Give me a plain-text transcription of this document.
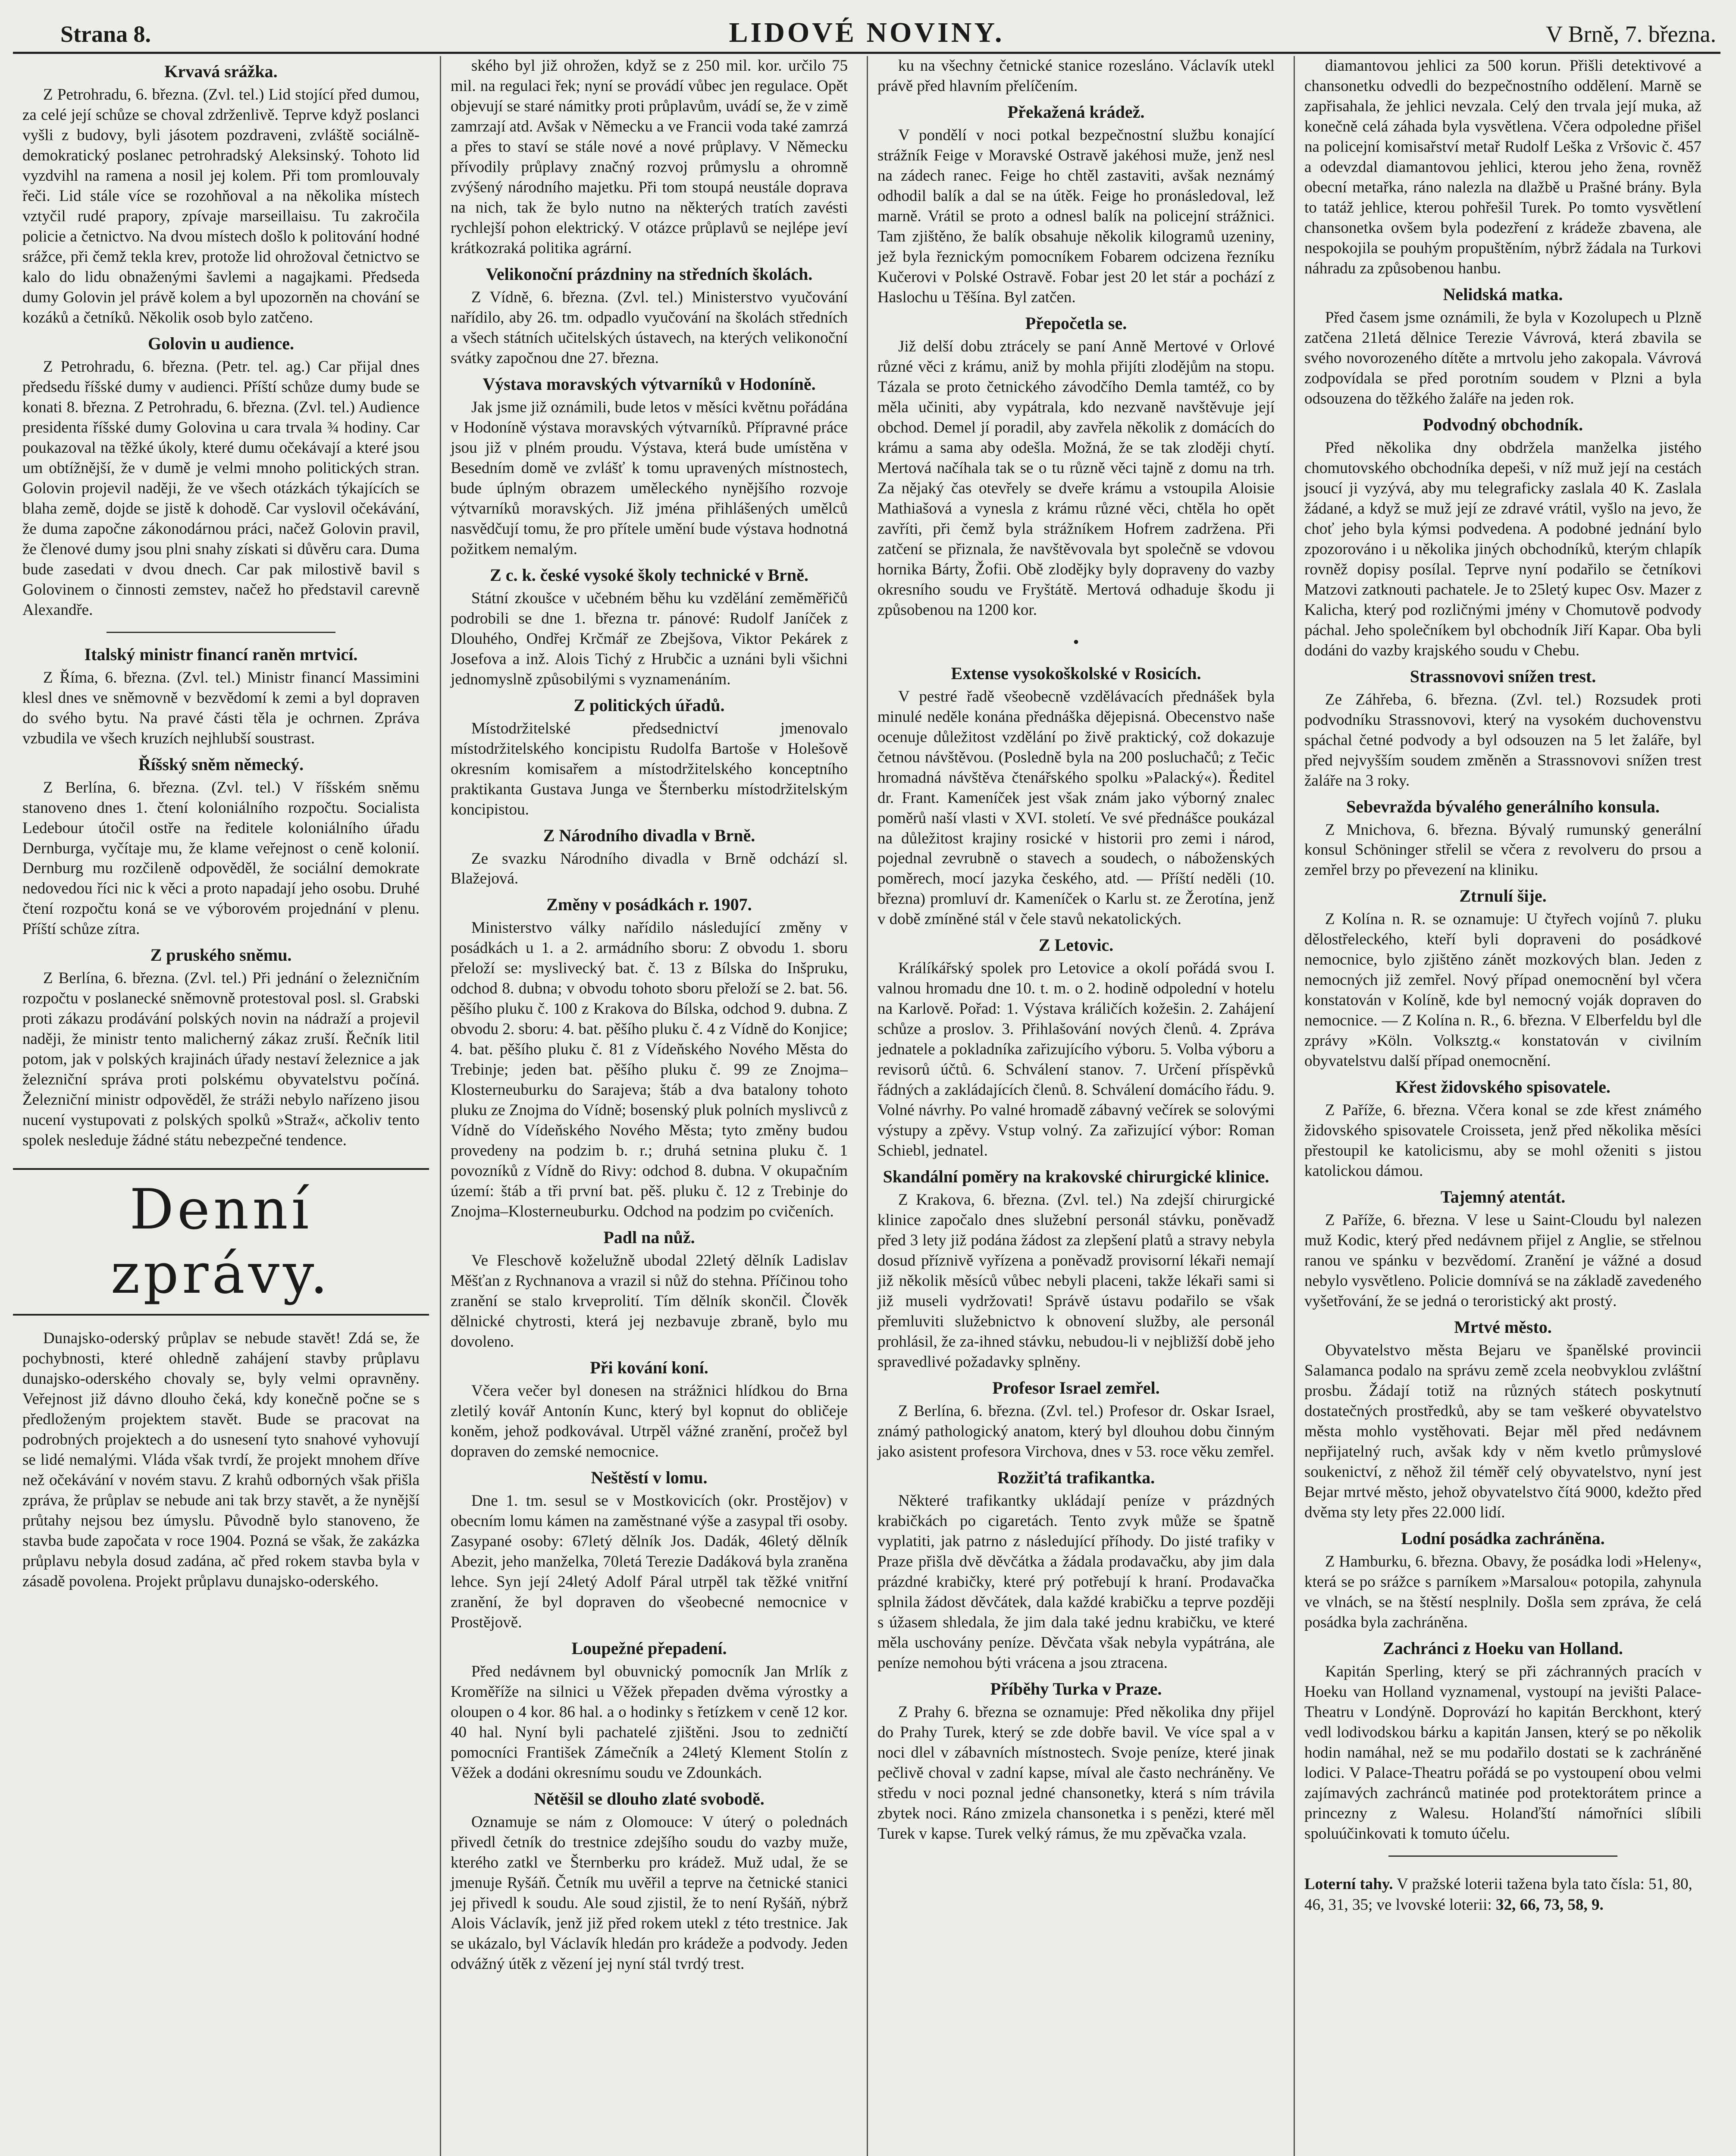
Strana 8.	LIDOVÉ NOVINY.	V Brně, 7. března.
Krvavá srážka.

Z Petrohradu, 6. března. (Zvl. tel.) Lid stojící před dumou, za celé její schůze se choval zdrženlivě. Teprve když poslanci vyšli z budovy, byli jásotem pozdraveni, zvláště sociálně-demokratický poslanec petrohradský Aleksinský. Tohoto lid vyzdvihl na ramena a nosil jej kolem. Při tom promlouvaly řeči. Lid stále více se rozohňoval a na několika místech vztyčil rudé prapory, zpívaje marseillaisu. Tu zakročila policie a četnictvo. Na dvou místech došlo k politování hodné srážce, při čemž tekla krev, protože lid ohrožoval četnictvo se kalo do lidu obnaženými šavlemi a nagajkami. Předseda dumy Golovin jel právě kolem a byl upozorněn na chování se kozáků a četníků. Několik osob bylo zatčeno.

Golovin u audience.

Z Petrohradu, 6. března. (Petr. tel. ag.) Car přijal dnes předsedu říšské dumy v audienci. Příští schůze dumy bude se konati 8. března. Z Petrohradu, 6. března. (Zvl. tel.) Audience presidenta říšské dumy Golovina u cara trvala ¾ hodiny. Car poukazoval na těžké úkoly, které dumu očekávají a které jsou um obtížnější, že v dumě je velmi mnoho politických stran. Golovin projevil naději, že ve všech otázkách týkajících se blaha země, dojde se jistě k dohodě. Car vyslovil očekávání, že duma započne zákonodárnou práci, načež Golovin pravil, že členové dumy jsou plni snahy získati si důvěru cara. Duma bude zasedati v dvou dnech. Car pak milostivě bavil s Golovinem o činnosti zemstev, načež ho představil carevně Alexandře.

Italský ministr financí raněn mrtvicí.

Z Říma, 6. března. (Zvl. tel.) Ministr financí Massimini klesl dnes ve sněmovně v bezvědomí k zemi a byl dopraven do svého bytu. Na pravé části těla je ochrnen. Zpráva vzbudila ve všech kruzích nejhlubší soustrast.

Říšský sněm německý.

Z Berlína, 6. března. (Zvl. tel.) V říšském sněmu stanoveno dnes 1. čtení koloniálního rozpočtu. Socialista Ledebour útočil ostře na ředitele koloniálního úřadu Dernburga, vyčítaje mu, že klame veřejnost o ceně kolonií. Dernburg mu rozčileně odpověděl, že sociální demokrate nedovedou říci nic k věci a proto napadají jeho osobu. Druhé čtení rozpočtu koná se ve výborovém projednání v plenu. Příští schůze zítra.

Z pruského sněmu.

Z Berlína, 6. března. (Zvl. tel.) Při jednání o železničním rozpočtu v poslanecké sněmovně protestoval posl. sl. Grabski proti zákazu prodávání polských novin na nádraží a projevil naději, že ministr tento malicherný zákaz zruší. Řečník litil potom, jak v polských krajinách úřady nestaví železnice a jak železniční správa proti polskému obyvatelstvu počíná. Železniční ministr odpověděl, že stráži nebylo nařízeno jisou nucení vystupovati z polských spolků »Straž«, ačkoliv tento spolek nesleduje žádné státu nebezpečné tendence.

Denní zprávy.

Dunajsko-oderský průplav se nebude stavět! Zdá se, že pochybnosti, které ohledně zahájení stavby průplavu dunajsko-oderského chovaly se, byly velmi opravněny. Veřejnost již dávno dlouho čeká, kdy konečně počne se s předloženým projektem stavět. Bude se pracovat na podrobných projektech a do usnesení tyto snahové vyhovují se lidé nemalými. Vláda však tvrdí, že projekt mnohem dříve než očekávání v novém stavu. Z krahů odborných však přišla zpráva, že průplav se nebude ani tak brzy stavět, a že nynější průtahy nejsou bez úmyslu. Původně bylo stanoveno, že stavba bude započata v roce 1904. Pozná se však, že zakázka průplavu nebyla dosud zadána, ač před rokem stavba byla v zásadě povolena. Projekt průplavu dunajsko-oderského.

ského byl již ohrožen, když se z 250 mil. kor. určilo 75 mil. na regulaci řek; nyní se provádí vůbec jen regulace. Opět objevují se staré námitky proti průplavům, uvádí se, že v zimě zamrzají atd. Avšak v Německu a ve Francii voda také zamrzá a přes to staví se stále nové a nové průplavy. V Německu přívodily průplavy značný rozvoj průmyslu a ohromně zvýšený národního majetku. Při tom stoupá neustále doprava na nich, tak že bylo nutno na některých tratích zavésti rychlejší pohon elektrický. V otázce průplavů se nejlépe jeví krátkozraká politika agrární.

Velikonoční prázdniny na středních školách.

Z Vídně, 6. března. (Zvl. tel.) Ministerstvo vyučování nařídilo, aby 26. tm. odpadlo vyučování na školách středních a všech státních učitelských ústavech, na kterých velikonoční svátky započnou dne 27. března.

Výstava moravských výtvarníků v Hodoníně.

Jak jsme již oznámili, bude letos v měsíci květnu pořádána v Hodoníně výstava moravských výtvarníků. Přípravné práce jsou již v plném proudu. Výstava, která bude umístěna v Besedním domě ve zvlášť k tomu upravených místnostech, bude úplným obrazem uměleckého nynějšího rozvoje výtvarníků moravských. Již jména přihlášených umělců nasvědčují tomu, že pro přítele umění bude výstava hodnotná požitkem nemalým.

Z c. k. české vysoké školy technické v Brně.

Státní zkoušce v učebném běhu ku vzdělání zeměměřičů podrobili se dne 1. března tr. pánové: Rudolf Janíček z Dlouhého, Ondřej Krčmář ze Zbejšova, Viktor Pekárek z Josefova a inž. Alois Tichý z Hrubčic a uznáni byli všichni jednomyslně způsobilými s vyznamenáním.

Z politických úřadů.

Místodržitelské předsednictví jmenovalo místodržitelského koncipistu Rudolfa Bartoše v Holešově okresním komisařem a místodržitelského konceptního praktikanta Gustava Junga ve Šternberku místodržitelským koncipistou.

Z Národního divadla v Brně.

Ze svazku Národního divadla v Brně odchází sl. Blažejová.

Změny v posádkách r. 1907.

Ministerstvo války nařídilo následující změny v posádkách u 1. a 2. armádního sboru: Z obvodu 1. sboru přeloží se: myslivecký bat. č. 13 z Bílska do Inšpruku, odchod 8. dubna; v obvodu tohoto sboru přeloží se 2. bat. 56. pěšího pluku č. 100 z Krakova do Bílska, odchod 9. dubna. Z obvodu 2. sboru: 4. bat. pěšího pluku č. 4 z Vídně do Konjice; 4. bat. pěšího pluku č. 81 z Vídeňského Nového Města do Trebinje; jeden bat. pěšího pluku č. 99 ze Znojma–Klosterneuburku do Sarajeva; štáb a dva batalony tohoto pluku ze Znojma do Vídně; bosenský pluk polních myslivců z Vídně do Vídeňského Nového Města; tyto změny budou provedeny na podzim b. r.; druhá setnina pluku č. 1 povozníků z Vídně do Rivy: odchod 8. dubna. V okupačním území: štáb a tři první bat. pěš. pluku č. 12 z Trebinje do Znojma–Klosterneuburku. Odchod na podzim po cvičeních.

Padl na nůž.

Ve Fleschově koželužně ubodal 22letý dělník Ladislav Měšťan z Rychnanova a vrazil si nůž do stehna. Příčinou toho zranění se stalo krveprolití. Tím dělník skončil. Člověk dělnické chytrosti, která jej nezbavuje zbraně, bylo mu dovoleno.

Při kování koní.

Včera večer byl donesen na strážnici hlídkou do Brna zletilý kovář Antonín Kunc, který byl kopnut do obličeje koněm, jehož podkovával. Utrpěl vážné zranění, pročež byl dopraven do zemské nemocnice.

Neštěstí v lomu.

Dne 1. tm. sesul se v Mostkovicích (okr. Prostějov) v obecním lomu kámen na zaměstnané výše a zasypal tři osoby. Zasypané osoby: 67letý dělník Jos. Dadák, 46letý dělník Abezit, jeho manželka, 70letá Terezie Dadáková byla zraněna lehce. Syn její 24letý Adolf Páral utrpěl tak těžké vnitřní zranění, že byl dopraven do všeobecné nemocnice v Prostějově.

Loupežné přepadení.

Před nedávnem byl obuvnický pomocník Jan Mrlík z Kroměříže na silnici u Věžek přepaden dvěma výrostky a oloupen o 4 kor. 86 hal. a o hodinky s řetízkem v ceně 12 kor. 40 hal. Nyní byli pachatelé zjištěni. Jsou to zedničtí pomocníci František Zámečník a 24letý Klement Stolín z Věžek a dodáni okresnímu soudu ve Zdounkách.

Nětěšil se dlouho zlaté svobodě.

Oznamuje se nám z Olomouce: V úterý o polednách přivedl četník do trestnice zdejšího soudu do vazby muže, kterého zatkl ve Šternberku pro krádež. Muž udal, že se jmenuje Ryšáň. Četník mu uvěřil a teprve na četnické stanici jej přivedl k soudu. Ale soud zjistil, že to není Ryšáň, nýbrž Alois Václavík, jenž již před rokem utekl z této trestnice. Jak se ukázalo, byl Václavík hledán pro krádeže a podvody. Jeden odvážný útěk z vězení jej nyní stál tvrdý trest.

ku na všechny četnické stanice rozesláno. Václavík utekl právě před hlavním přelíčením.

Překažená krádež.

V pondělí v noci potkal bezpečnostní službu konající strážník Feige v Moravské Ostravě jakéhosi muže, jenž nesl na zádech ranec. Feige ho chtěl zastaviti, avšak neznámý odhodil balík a dal se na útěk. Feige ho pronásledoval, lež marně. Vrátil se proto a odnesl balík na policejní strážnici. Tam zjištěno, že balík obsahuje několik kilogramů uzeniny, jež byla řeznickým pomocníkem Fobarem odcizena řezníku Kučerovi v Polské Ostravě. Fobar jest 20 let stár a pochází z Haslochu u Těšína. Byl zatčen.

Přepočetla se.

Již delší dobu ztrácely se paní Anně Mertové v Orlové různé věci z krámu, aniž by mohla přijíti zlodějům na stopu. Tázala se proto četnického závodčího Demla tamtéž, co by měla učiniti, aby vypátrala, kdo nezvaně navštěvuje její obchod. Demel jí poradil, aby zavřela několik z domácích do krámu a sama aby odešla. Možná, že se tak zloději chytí. Mertová načíhala tak se o tu různě věci tajně z domu na trh. Za nějaký čas otevřely se dveře krámu a vstoupila Aloisie Mathiašová a vynesla z krámu různé věci, chtěla ho opět zavříti, při čemž byla strážníkem Hofrem zadržena. Při zatčení se přiznala, že navštěvovala byt společně se vdovou hornika Bárty, Žofii. Obě zlodějky byly dopraveny do vazby okresního soudu ve Fryštátě. Mertová odhaduje škodu ji způsobenou na 1200 kor.

•
Extense vysokoškolské v Rosicích.

V pestré řadě všeobecně vzdělávacích přednášek byla minulé neděle konána přednáška dějepisná. Obecenstvo naše ocenuje důležitost vzdělání po živě praktický, což dokazuje četnou návštěvou. (Posledně byla na 200 posluchačů; z Tečic hromadná návštěva čtenářského spolku »Palacký«). Ředitel dr. Frant. Kameníček jest však znám jako výborný znalec poměrů naší vlasti v XVI. století. Ve své přednášce poukázal na důležitost krajiny rosické v historii pro zemi i národ, pojednal zevrubně o stavech a soudech, o náboženských poměrech, mocí jazyka českého, atd. — Příští neděli (10. března) promluví dr. Kameníček o Karlu st. ze Žerotína, jenž v době zmíněné stál v čele stavů nekatolických.

Z Letovic.

Králíkářský spolek pro Letovice a okolí pořádá svou I. valnou hromadu dne 10. t. m. o 2. hodině odpolední v hotelu na Karlově. Pořad: 1. Výstava králičích kožešin. 2. Zahájení schůze a proslov. 3. Přihlašování nových členů. 4. Zpráva jednatele a pokladníka zařizujícího výboru. 5. Volba výboru a revisorů účtů. 6. Schválení stanov. 7. Určení příspěvků řádných a zakládajících členů. 8. Schválení domácího řádu. 9. Volné návrhy. Po valné hromadě zábavný večírek se solovými výstupy a zpěvy. Vstup volný. Za zařizující výbor: Roman Schiebl, jednatel.

Skandální poměry na krakovské chirurgické klinice.

Z Krakova, 6. března. (Zvl. tel.) Na zdejší chirurgické klinice započalo dnes služební personál stávku, poněvadž před 3 lety již podána žádost za zlepšení platů a stravy nebyla dosud příznivě vyřízena a poněvadž provisorní lékaři nemají již několik měsíců vůbec nebyli placeni, takže lékaři sami si již museli vydržovati! Správě ústavu podařilo se však přemluviti služebnictvo k obnovení služby, ale personál prohlásil, že za-ihned stávku, nebudou-li v nejbližší době jeho spravedlivé požadavky splněny.

Profesor Israel zemřel.

Z Berlína, 6. března. (Zvl. tel.) Profesor dr. Oskar Israel, známý pathologický anatom, který byl dlouhou dobu činným jako asistent profesora Virchova, dnes v 53. roce věku zemřel.

Rozžiťtá trafikantka.

Některé trafikantky ukládají peníze v prázdných krabičkách po cigaretách. Tento zvyk může se špatně vyplatiti, jak patrno z následující příhody. Do jisté trafiky v Praze přišla dvě děvčátka a žádala prodavačku, aby jim dala prázdné krabičky, které prý potřebují k hraní. Prodavačka splnila žádost děvčátek, dala každé krabičku a teprve později s úžasem shledala, že jim dala také jednu krabičku, ve které měla uschovány peníze. Děvčata však nebyla vypátrána, ale peníze nemohou býti vrácena a jsou ztracena.

Příběhy Turka v Praze.

Z Prahy 6. března se oznamuje: Před několika dny přijel do Prahy Turek, který se zde dobře bavil. Ve více spal a v noci dlel v zábavních místnostech. Svoje peníze, které jinak pečlivě choval v zadní kapse, míval ale často nechráněny. Ve středu v noci poznal jedné chansonetky, která s ním trávila zbytek noci. Ráno zmizela chansonetka i s penězi, které měl Turek v kapse. Turek velký rámus, že mu zpěvačka vzala.

diamantovou jehlici za 500 korun. Přišli detektivové a chansonetku odvedli do bezpečnostního oddělení. Marně se zapřisahala, že jehlici nevzala. Celý den trvala její muka, až konečně celá záhada byla vysvětlena. Včera odpoledne přišel na policejní komisařství metař Rudolf Leška z Vršovic č. 457 a odevzdal diamantovou jehlici, kterou jeho žena, rovněž obecní metařka, ráno nalezla na dlažbě u Prašné brány. Byla to tatáž jehlice, kterou pohřešil Turek. Po tomto vysvětlení chansonetka ovšem byla podezření z krádeže zbavena, ale nespokojila se pouhým propuštěním, nýbrž žádala na Turkovi náhradu za způsobenou hanbu.

Nelidská matka.

Před časem jsme oznámili, že byla v Kozolupech u Plzně zatčena 21letá dělnice Terezie Vávrová, která zbavila se svého novorozeného dítěte a mrtvolu jeho zakopala. Vávrová zodpovídala se před porotním soudem v Plzni a byla odsouzena do těžkého žaláře na jeden rok.

Podvodný obchodník.

Před několika dny obdržela manželka jistého chomutovského obchodníka depeši, v níž muž její na cestách jsoucí ji vyzývá, aby mu telegraficky zaslala 40 K. Zaslala žádané, a když se muž její ze zdravé vrátil, vyšlo na jevo, že choť jeho byla kýmsi podvedena. A podobné jednání bylo zpozorováno i u několika jiných obchodníků, kterým chlapík rovněž dopisy posílal. Teprve nyní podařilo se četníkovi Matzovi zatknouti pachatele. Je to 25letý kupec Osv. Mazer z Kalicha, který pod rozličnými jmény v Chomutově podvody páchal. Jeho společníkem byl obchodník Jiří Kapar. Oba byli dodáni do vazby krajského soudu v Chebu.

Strassnovovi snížen trest.

Ze Záhřeba, 6. března. (Zvl. tel.) Rozsudek proti podvodníku Strassnovovi, který na vysokém duchovenstvu spáchal četné podvody a byl odsouzen na 5 let žaláře, byl před nejvyšším soudem změněn a Strassnovovi snížen trest žaláře na 3 roky.

Sebevražda bývalého generálního konsula.

Z Mnichova, 6. března. Bývalý rumunský generální konsul Schöninger střelil se včera z revolveru do prsou a zemřel brzy po převezení na kliniku.

Ztrnulí šije.

Z Kolína n. R. se oznamuje: U čtyřech vojínů 7. pluku dělostřeleckého, kteří byli dopraveni do posádkové nemocnice, bylo zjištěno zánět mozkových blan. Jeden z nemocných již zemřel. Nový případ onemocnění byl včera konstatován v Kolíně, kde byl nemocný voják dopraven do nemocnice. — Z Kolína n. R., 6. března. V Elberfeldu byl dle zprávy »Köln. Volksztg.« konstatován v civilním obyvatelstvu další případ onemocnění.

Křest židovského spisovatele.

Z Paříže, 6. března. Včera konal se zde křest známého židovského spisovatele Croisseta, jenž před několika měsíci přestoupil ke katolicismu, aby se mohl oženiti s jistou katolickou dámou.

Tajemný atentát.

Z Paříže, 6. března. V lese u Saint-Cloudu byl nalezen muž Kodic, který před nedávnem přijel z Anglie, se střelnou ranou ve spánku v bezvědomí. Zranění je vážné a dosud nebylo vysvětleno. Policie domnívá se na základě zavedeného vyšetřování, že se jedná o teroristický akt prostý.

Mrtvé město.

Obyvatelstvo města Bejaru ve španělské provincii Salamanca podalo na správu země zcela neobvyklou zvláštní prosbu. Žádají totiž na různých státech poskytnutí dostatečných prostředků, aby se tam veškeré obyvatelstvo města mohlo vystěhovati. Bejar měl před nedávnem nepřijatelný ruch, avšak kdy v něm kvetlo průmyslové soukenictví, z něhož žil téměř celý obyvatelstvo, nyní jest Bejar mrtvé město, jehož obyvatelstvo čítá 9000, kdežto před dvěma sty lety přes 22.000 lidí.

Lodní posádka zachráněna.

Z Hamburku, 6. března. Obavy, že posádka lodi »Heleny«, která se po srážce s parníkem »Marsalou« potopila, zahynula ve vlnách, se na štěstí nesplnily. Došla sem zpráva, že celá posádka byla zachráněna.

Zachránci z Hoeku van Holland.

Kapitán Sperling, který se při záchranných pracích v Hoeku van Holland vyznamenal, vystoupí na jevišti Palace-Theatru v Londýně. Doprovází ho kapitán Berckhont, který vedl lodivodskou bárku a kapitán Jansen, který se po několik hodin namáhal, než se mu podařilo dostati se k zachráněné lodici. V Palace-Theatru pořádá se po vystoupení obou velmi zajímavých zachránců matinée pod protektorátem prince a princezny z Walesu. Holanďští námořníci slíbili spoluúčinkovati k tomuto účelu.

Loterní tahy. V pražské loterii tažena byla tato čísla: 51, 80, 46, 31, 35; ve lvovské loterii: 32, 66, 73, 58, 9.
